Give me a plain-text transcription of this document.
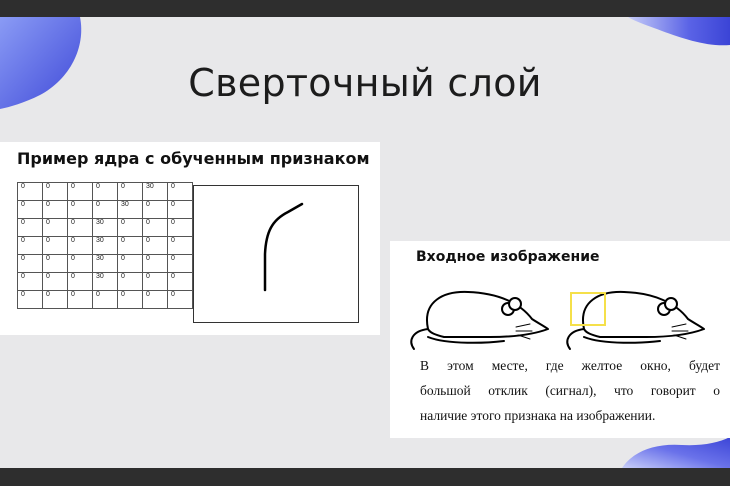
Сверточный слой
Пример ядра с обученным признаком
0	0	0	0	0	30	0
0	0	0	0	30	0	0
0	0	0	30	0	0	0
0	0	0	30	0	0	0
0	0	0	30	0	0	0
0	0	0	30	0	0	0
0	0	0	0	0	0	0
Входное изображение
В этом месте, где желтое окно, будет
большой отклик (сигнал), что говорит о
наличие этого признака на изображении.
